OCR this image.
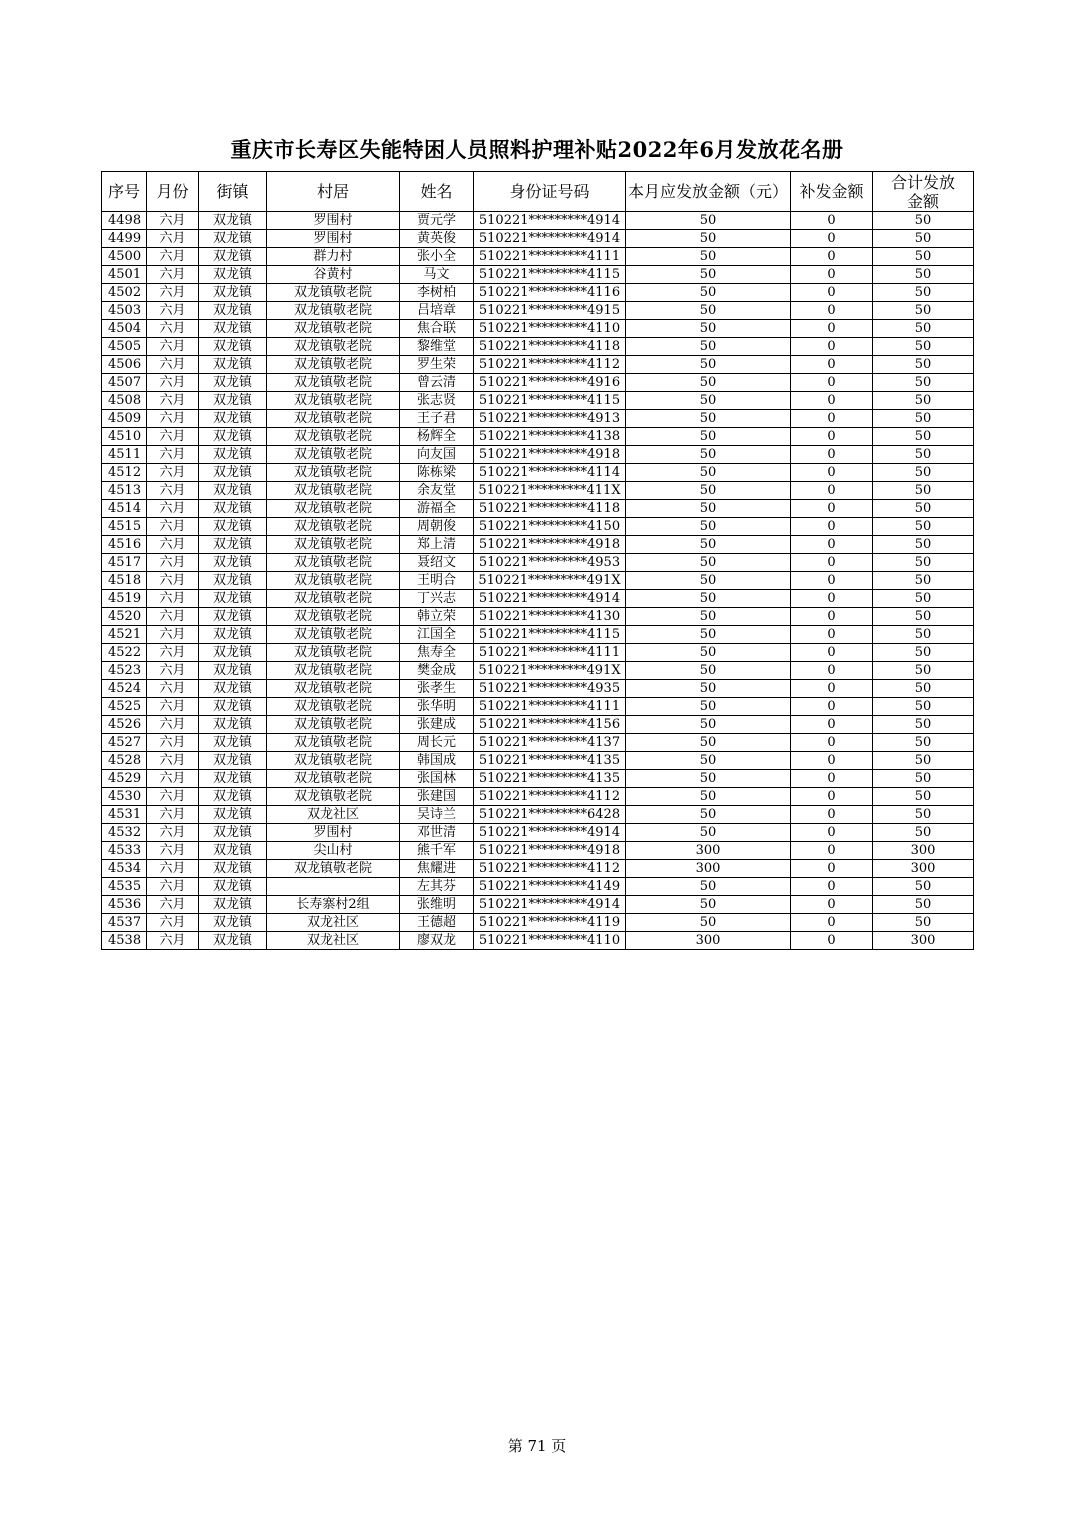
重庆市长寿区失能特困人员照料护理补贴2022年6月发放花名册
序号	月份	街镇	村居	姓名	身份证号码	本月应发放金额（元）	补发金额	合计发放金额
4498	六月	双龙镇	罗围村	贾元学	510221*********4914	50	0	50
4499	六月	双龙镇	罗围村	黄英俊	510221*********4914	50	0	50
4500	六月	双龙镇	群力村	张小全	510221*********4111	50	0	50
4501	六月	双龙镇	谷黄村	马文	510221*********4115	50	0	50
4502	六月	双龙镇	双龙镇敬老院	李树柏	510221*********4116	50	0	50
4503	六月	双龙镇	双龙镇敬老院	吕培章	510221*********4915	50	0	50
4504	六月	双龙镇	双龙镇敬老院	焦合联	510221*********4110	50	0	50
4505	六月	双龙镇	双龙镇敬老院	黎维堂	510221*********4118	50	0	50
4506	六月	双龙镇	双龙镇敬老院	罗生荣	510221*********4112	50	0	50
4507	六月	双龙镇	双龙镇敬老院	曾云清	510221*********4916	50	0	50
4508	六月	双龙镇	双龙镇敬老院	张志贤	510221*********4115	50	0	50
4509	六月	双龙镇	双龙镇敬老院	王子君	510221*********4913	50	0	50
4510	六月	双龙镇	双龙镇敬老院	杨辉全	510221*********4138	50	0	50
4511	六月	双龙镇	双龙镇敬老院	向友国	510221*********4918	50	0	50
4512	六月	双龙镇	双龙镇敬老院	陈栋梁	510221*********4114	50	0	50
4513	六月	双龙镇	双龙镇敬老院	余友堂	510221*********411X	50	0	50
4514	六月	双龙镇	双龙镇敬老院	游福全	510221*********4118	50	0	50
4515	六月	双龙镇	双龙镇敬老院	周朝俊	510221*********4150	50	0	50
4516	六月	双龙镇	双龙镇敬老院	郑上清	510221*********4918	50	0	50
4517	六月	双龙镇	双龙镇敬老院	聂绍文	510221*********4953	50	0	50
4518	六月	双龙镇	双龙镇敬老院	王明合	510221*********491X	50	0	50
4519	六月	双龙镇	双龙镇敬老院	丁兴志	510221*********4914	50	0	50
4520	六月	双龙镇	双龙镇敬老院	韩立荣	510221*********4130	50	0	50
4521	六月	双龙镇	双龙镇敬老院	江国全	510221*********4115	50	0	50
4522	六月	双龙镇	双龙镇敬老院	焦寿全	510221*********4111	50	0	50
4523	六月	双龙镇	双龙镇敬老院	樊金成	510221*********491X	50	0	50
4524	六月	双龙镇	双龙镇敬老院	张孝生	510221*********4935	50	0	50
4525	六月	双龙镇	双龙镇敬老院	张华明	510221*********4111	50	0	50
4526	六月	双龙镇	双龙镇敬老院	张建成	510221*********4156	50	0	50
4527	六月	双龙镇	双龙镇敬老院	周长元	510221*********4137	50	0	50
4528	六月	双龙镇	双龙镇敬老院	韩国成	510221*********4135	50	0	50
4529	六月	双龙镇	双龙镇敬老院	张国林	510221*********4135	50	0	50
4530	六月	双龙镇	双龙镇敬老院	张建国	510221*********4112	50	0	50
4531	六月	双龙镇	双龙社区	吴诗兰	510221*********6428	50	0	50
4532	六月	双龙镇	罗围村	邓世清	510221*********4914	50	0	50
4533	六月	双龙镇	尖山村	熊千军	510221*********4918	300	0	300
4534	六月	双龙镇	双龙镇敬老院	焦耀进	510221*********4112	300	0	300
4535	六月	双龙镇		左其芬	510221*********4149	50	0	50
4536	六月	双龙镇	长寿寨村2组	张维明	510221*********4914	50	0	50
4537	六月	双龙镇	双龙社区	王德超	510221*********4119	50	0	50
4538	六月	双龙镇	双龙社区	廖双龙	510221*********4110	300	0	300
第 71 页
